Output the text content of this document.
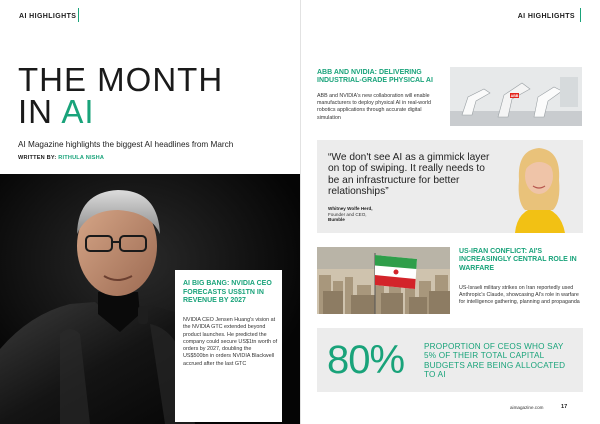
AI HIGHLIGHTS	AI HIGHLIGHTS
THE MONTH
IN AI
AI Magazine highlights the biggest AI headlines from March
WRITTEN BY: RITHULA NISHA
AI BIG BANG: NVIDIA CEO FORECASTS US$1TN IN REVENUE BY 2027
NVIDIA CEO Jensen Huang's vision at the NVIDIA GTC extended beyond product launches. He predicted the company could secure US$1tn worth of orders by 2027, doubling the US$500bn in orders NVIDIA Blackwell accrued after the last GTC
ABB AND NVIDIA: DELIVERING INDUSTRIAL-GRADE PHYSICAL AI
ABB and NVIDIA's new collaboration will enable manufacturers to deploy physical AI in real-world robotics applications through accurate digital simulation
ABB
“We don't see AI as a gimmick layer on top of swiping. It really needs to be an infrastructure for better relationships”
Whitney Wolfe Herd,
Founder and CEO,
Bumble
US-IRAN CONFLICT: AI'S INCREASINGLY CENTRAL ROLE IN WARFARE
US-Israeli military strikes on Iran reportedly used Anthropic's Claude, showcasing AI's role in warfare for intelligence gathering, planning and propaganda
80% PROPORTION OF CEOS WHO SAY 5% OF THEIR TOTAL CAPITAL BUDGETS ARE BEING ALLOCATED TO AI
aimagazine.com	17
